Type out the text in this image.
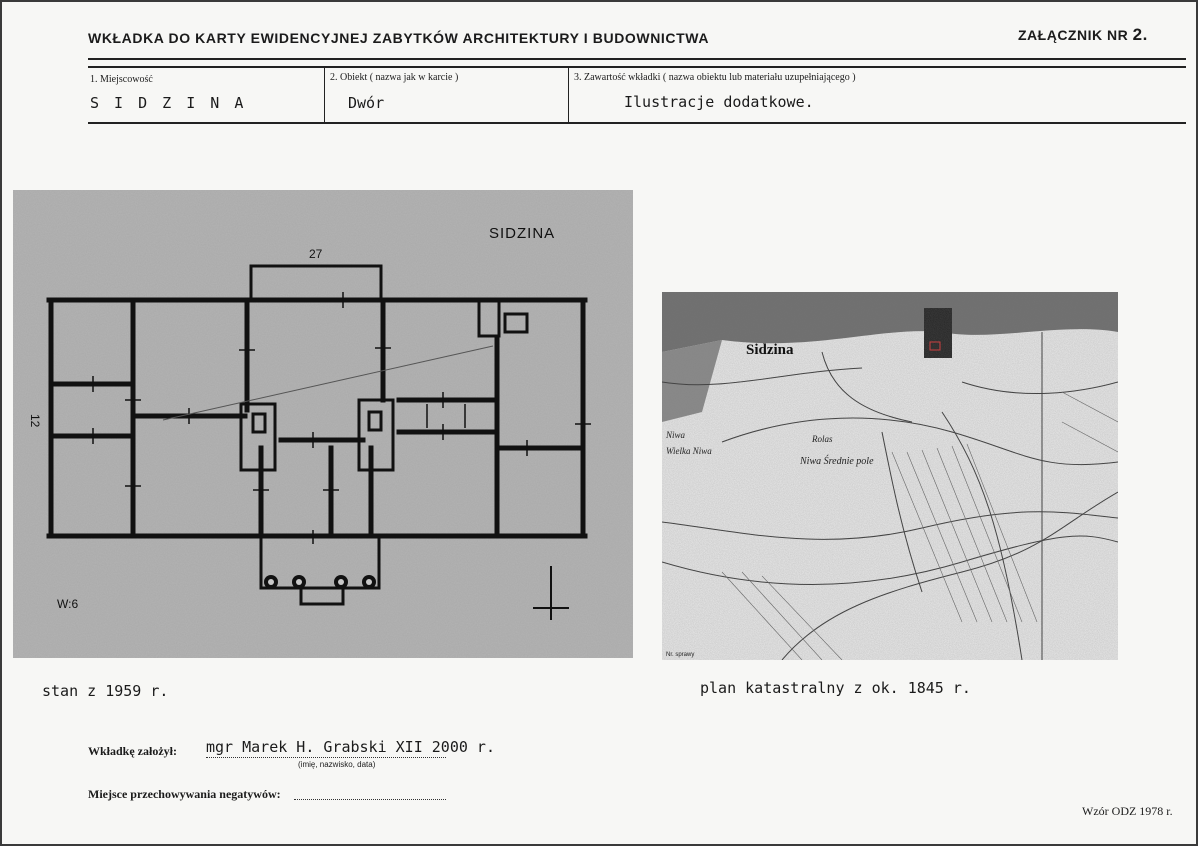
WKŁADKA DO KARTY EWIDENCYJNEJ ZABYTKÓW ARCHITEKTURY I BUDOWNICTWA	ZAŁĄCZNIK NR 2.
1. Miejscowość
S I D Z I N A
2. Obiekt ( nazwa jak w karcie )
Dwór
3. Zawartość wkładki ( nazwa obiektu lub materiału uzupełniającego )
Ilustracje dodatkowe.
SIDZINA
27
12
W:6
Sidzina
Niwa Średnie pole
Niwa
Wielka Niwa
Rolas
Nr. sprawy
stan z 1959 r.	plan katastralny z ok. 1845 r.
Wkładkę założył: mgr Marek H. Grabski XII 2000 r.
(imię, nazwisko, data)
Miejsce przechowywania negatywów:
Wzór ODZ 1978 r.
